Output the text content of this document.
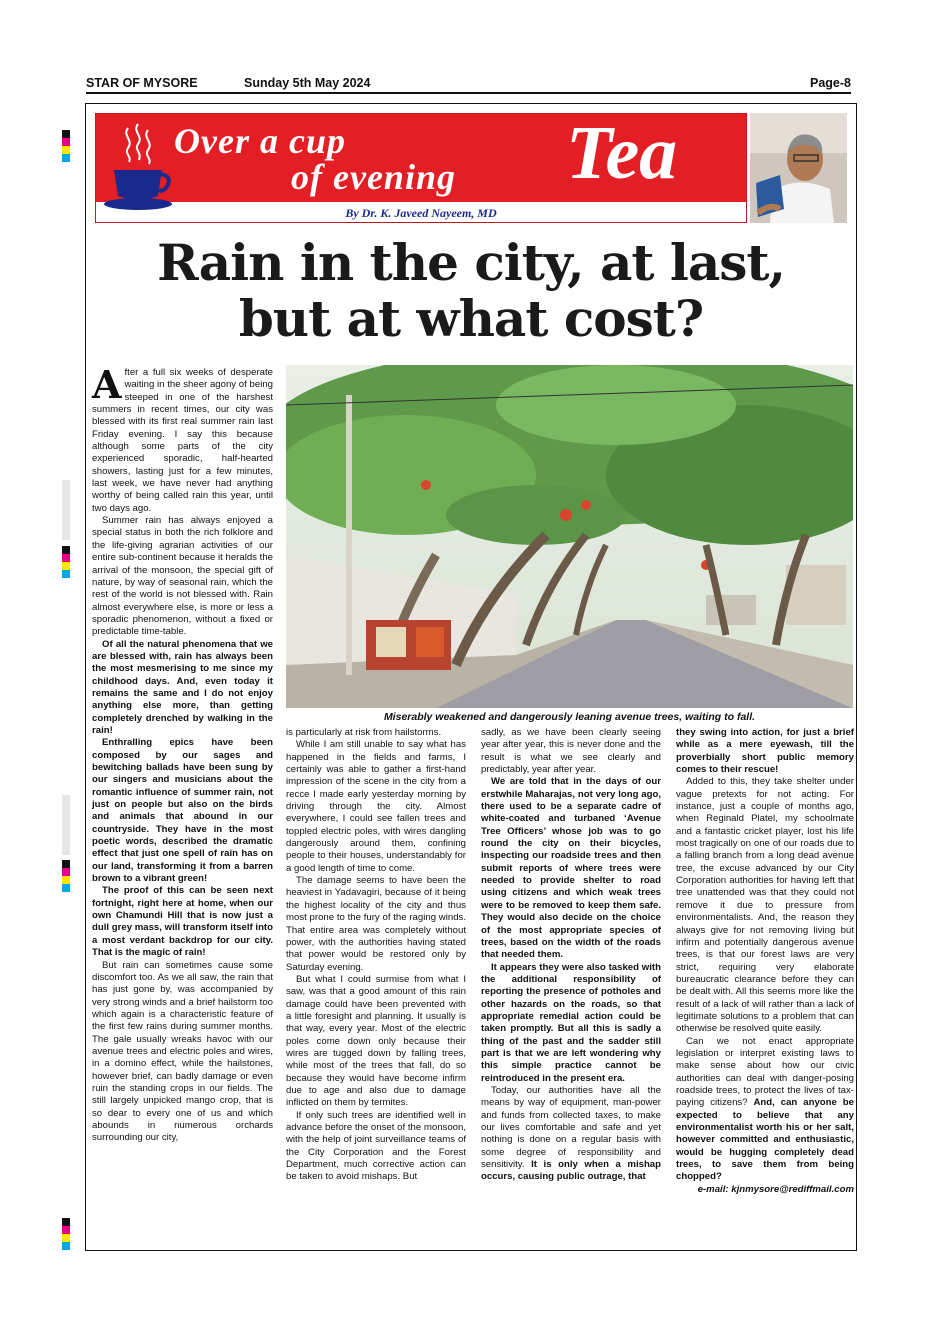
STAR OF MYSORE	Sunday 5th May 2024	Page-8
Over a cup
of evening Tea
By Dr. K. Javeed Nayeem, MD
Rain in the city, at last,
but at what cost?
Miserably weakened and dangerously leaning avenue trees, waiting to fall.

After a full six weeks of desperate waiting in the sheer agony of being steeped in one of the harshest summers in recent times, our city was blessed with its first real summer rain last Friday evening. I say this because although some parts of the city experienced sporadic, half-hearted showers, lasting just for a few minutes, last week, we have never had anything worthy of being called rain this year, until two days ago.

Summer rain has always enjoyed a special status in both the rich folklore and the life-giving agrarian activities of our entire sub-continent because it heralds the arrival of the monsoon, the special gift of nature, by way of seasonal rain, which the rest of the world is not blessed with. Rain almost everywhere else, is more or less a sporadic phenomenon, without a fixed or predictable time-table.

Of all the natural phenomena that we are blessed with, rain has always been the most mesmerising to me since my childhood days. And, even today it remains the same and I do not enjoy anything else more, than getting completely drenched by walking in the rain!

Enthralling epics have been composed by our sages and bewitching ballads have been sung by our singers and musicians about the romantic influence of summer rain, not just on people but also on the birds and animals that abound in our countryside. They have in the most poetic words, described the dramatic effect that just one spell of rain has on our land, transforming it from a barren brown to a vibrant green!

The proof of this can be seen next fortnight, right here at home, when our own Chamundi Hill that is now just a dull grey mass, will transform itself into a most verdant backdrop for our city. That is the magic of rain!

But rain can sometimes cause some discomfort too. As we all saw, the rain that has just gone by, was accompanied by very strong winds and a brief hailstorm too which again is a characteristic feature of the first few rains during summer months. The gale usually wreaks havoc with our avenue trees and electric poles and wires, in a domino effect, while the hailstones, however brief, can badly damage or even ruin the standing crops in our fields. The still largely unpicked mango crop, that is so dear to every one of us and which abounds in numerous orchards surrounding our city,

is particularly at risk from hailstorms.

While I am still unable to say what has happened in the fields and farms, I certainly was able to gather a first-hand impression of the scene in the city from a recce I made early yesterday morning by driving through the city. Almost everywhere, I could see fallen trees and toppled electric poles, with wires dangling dangerously around them, confining people to their houses, understandably for a good length of time to come.

The damage seems to have been the heaviest in Yadavagiri, because of it being the highest locality of the city and thus most prone to the fury of the raging winds. That entire area was completely without power, with the authorities having stated that power would be restored only by Saturday evening.

But what I could surmise from what I saw, was that a good amount of this rain damage could have been prevented with a little foresight and planning. It usually is that way, every year. Most of the electric poles come down only because their wires are tugged down by falling trees, while most of the trees that fall, do so because they would have become infirm due to age and also due to damage inflicted on them by termites.

If only such trees are identified well in advance before the onset of the monsoon, with the help of joint surveillance teams of the City Corporation and the Forest Department, much corrective action can be taken to avoid mishaps. But

sadly, as we have been clearly seeing year after year, this is never done and the result is what we see clearly and predictably, year after year.

We are told that in the days of our erstwhile Maharajas, not very long ago, there used to be a separate cadre of white-coated and turbaned ‘Avenue Tree Officers’ whose job was to go round the city on their bicycles, inspecting our roadside trees and then submit reports of where trees were needed to provide shelter to road using citizens and which weak trees were to be removed to keep them safe. They would also decide on the choice of the most appropriate species of trees, based on the width of the roads that needed them.

It appears they were also tasked with the additional responsibility of reporting the presence of potholes and other hazards on the roads, so that appropriate remedial action could be taken promptly. But all this is sadly a thing of the past and the sadder still part is that we are left wondering why this simple practice cannot be reintroduced in the present era.

Today, our authorities have all the means by way of equipment, man-power and funds from collected taxes, to make our lives comfortable and safe and yet nothing is done on a regular basis with some degree of responsibility and sensitivity. It is only when a mishap occurs, causing public outrage, that

they swing into action, for just a brief while as a mere eyewash, till the proverbially short public memory comes to their rescue!

Added to this, they take shelter under vague pretexts for not acting. For instance, just a couple of months ago, when Reginald Platel, my schoolmate and a fantastic cricket player, lost his life most tragically on one of our roads due to a falling branch from a long dead avenue tree, the excuse advanced by our City Corporation authorities for having left that tree unattended was that they could not remove it due to pressure from environmentalists. And, the reason they always give for not removing living but infirm and potentially dangerous avenue trees, is that our forest laws are very strict, requiring very elaborate bureaucratic clearance before they can be dealt with. All this seems more like the result of a lack of will rather than a lack of legitimate solutions to a problem that can otherwise be resolved quite easily.

Can we not enact appropriate legislation or interpret existing laws to make sense about how our civic authorities can deal with danger-posing roadside trees, to protect the lives of tax-paying citizens? And, can anyone be expected to believe that any environmentalist worth his or her salt, however committed and enthusiastic, would be hugging completely dead trees, to save them from being chopped?

e-mail: kjnmysore@rediffmail.com
